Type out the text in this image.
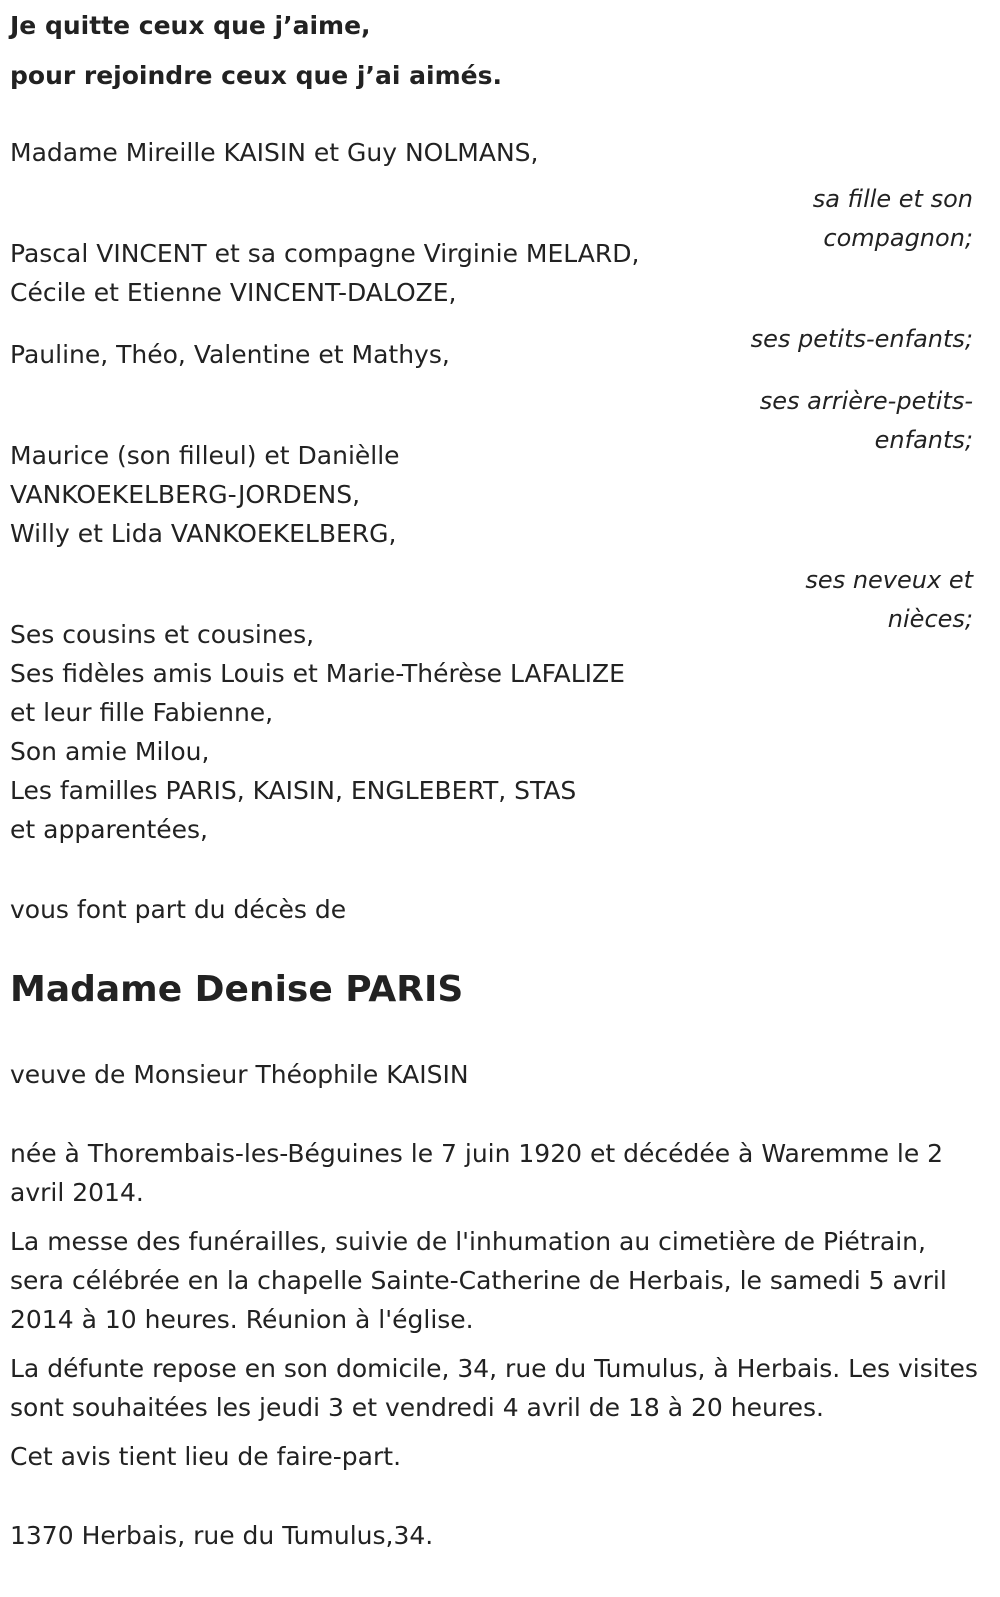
Je quitte ceux que j’aime,

pour rejoindre ceux que j’ai aimés.

Madame Mireille KAISIN et Guy NOLMANS,

sa fille et son compagnon;

Pascal VINCENT et sa compagne Virginie MELARD,

Cécile et Etienne VINCENT-DALOZE,

ses petits-enfants;

Pauline, Théo, Valentine et Mathys,

ses arrière-petits-enfants;

Maurice (son filleul) et Danièlle

VANKOEKELBERG-JORDENS,

Willy et Lida VANKOEKELBERG,

ses neveux et nièces;

Ses cousins et cousines,

Ses fidèles amis Louis et Marie-Thérèse LAFALIZE

et leur fille Fabienne,

Son amie Milou,

Les familles PARIS, KAISIN, ENGLEBERT, STAS

et apparentées,

vous font part du décès de

Madame Denise PARIS

veuve de Monsieur Théophile KAISIN

née à Thorembais-les-Béguines le 7 juin 1920 et décédée à Waremme le 2 avril 2014.

La messe des funérailles, suivie de l'inhumation au cimetière de Piétrain, sera célébrée en la chapelle Sainte-Catherine de Herbais, le samedi 5 avril 2014 à 10 heures. Réunion à l'église.

La défunte repose en son domicile, 34, rue du Tumulus, à Herbais. Les visites sont souhaitées les jeudi 3 et vendredi 4 avril de 18 à 20 heures.

Cet avis tient lieu de faire-part.

1370 Herbais, rue du Tumulus,34.
